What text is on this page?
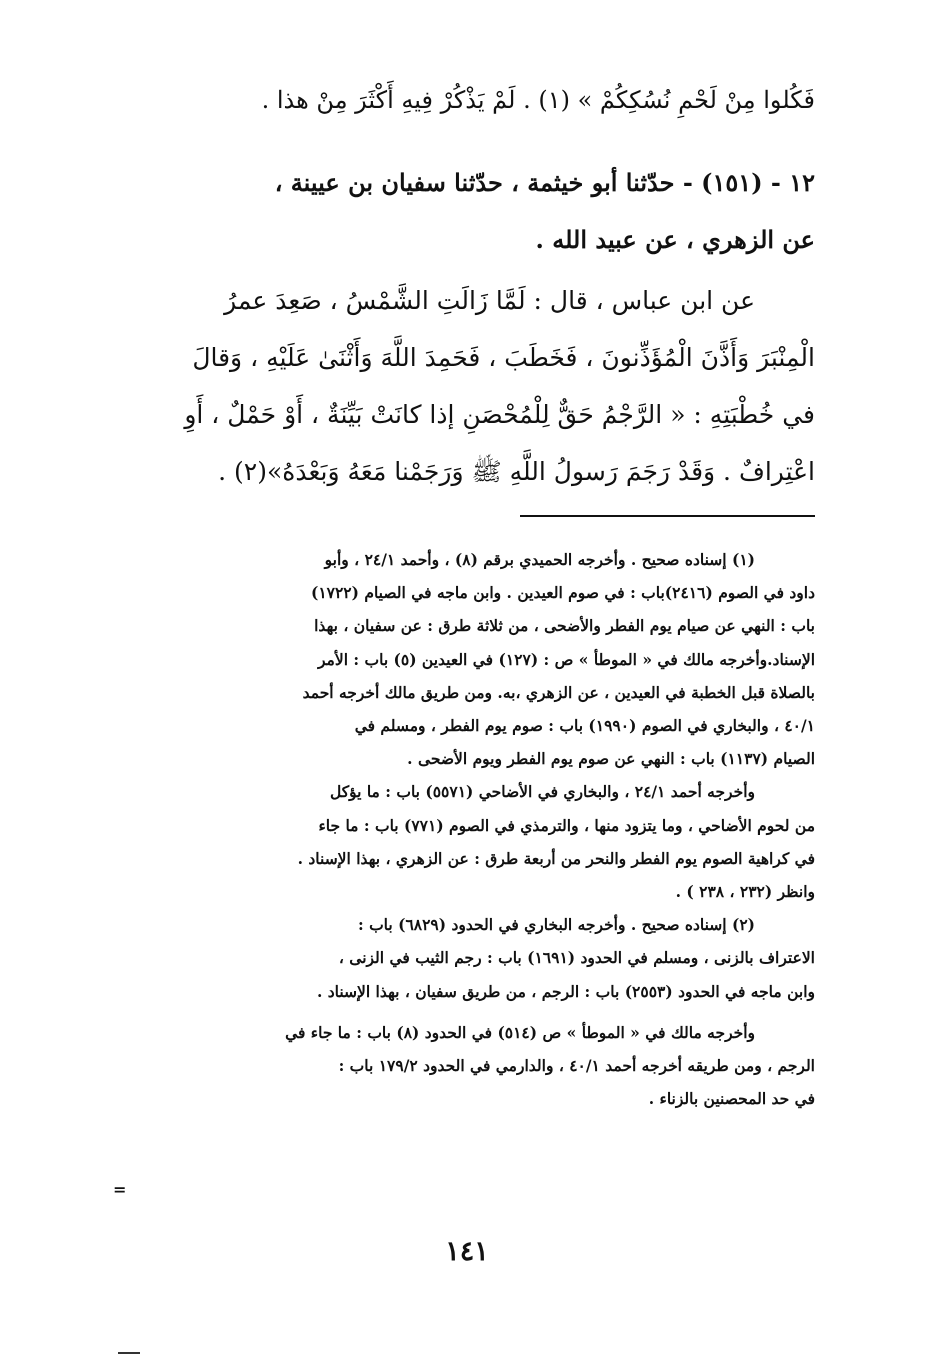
فَكُلوا مِنْ لَحْمِ نُسُكِكُمْ » (١) . لَمْ يَذْكُرْ فِيهِ أَكْثَرَ مِنْ هذا .
١٢ - (١٥١) - حدّثنا أبو خيثمة ، حدّثنا سفيان بن عيينة ،
عن الزهري ، عن عبيد الله .
عن ابن عباس ، قال : لَمَّا زَالَتِ الشَّمْسُ ، صَعِدَ عمرُ
الْمِنْبَرَ وَأَذَّنَ الْمُؤَذِّنونَ ، فَخَطَبَ ، فَحَمِدَ اللَّهَ وَأَثْنَىٰ عَلَيْهِ ، وَقالَ
في خُطْبَتِهِ : « الرَّجْمُ حَقٌّ لِلْمُحْصَنِ إذا كانَتْ بَيِّنَةٌ ، أَوْ حَمْلٌ ، أَوِ
اعْتِرافٌ . وَقَدْ رَجَمَ رَسولُ اللَّهِ ﷺ وَرَجَمْنا مَعَهُ وَبَعْدَهُ»(٢) .
(١) إسناده صحيح . وأخرجه الحميدي برقم (٨) ، وأحمد ٢٤/١ ، وأبو
داود في الصوم (٢٤١٦)باب : في صوم العيدين . وابن ماجه في الصيام (١٧٢٢)
باب : النهي عن صيام يوم الفطر والأضحى ، من ثلاثة طرق : عن سفيان ، بهذا
الإسناد.وأخرجه مالك في « الموطأ » ص : (١٢٧) في العيدين (٥) باب : الأمر
بالصلاة قبل الخطبة في العيدين ، عن الزهري ،به. ومن طريق مالك أخرجه أحمد
٤٠/١ ، والبخاري في الصوم (١٩٩٠) باب : صوم يوم الفطر ، ومسلم في
الصيام (١١٣٧) باب : النهي عن صوم يوم الفطر ويوم الأضحى .
وأخرجه أحمد ٢٤/١ ، والبخاري في الأضاحي (٥٥٧١) باب : ما يؤكل
من لحوم الأضاحي ، وما يتزود منها ، والترمذي في الصوم (٧٧١) باب : ما جاء
في كراهية الصوم يوم الفطر والنحر من أربعة طرق : عن الزهري ، بهذا الإسناد .
وانظر (٢٣٢ ، ٢٣٨ ) .
(٢) إسناده صحيح . وأخرجه البخاري في الحدود (٦٨٢٩) باب :
الاعتراف بالزنى ، ومسلم في الحدود (١٦٩١) باب : رجم الثيب في الزنى ،
وابن ماجه في الحدود (٢٥٥٣) باب : الرجم ، من طريق سفيان ، بهذا الإسناد .
وأخرجه مالك في « الموطأ » ص (٥١٤) في الحدود (٨) باب : ما جاء في
الرجم ، ومن طريقه أخرجه أحمد ٤٠/١ ، والدارمي في الحدود ١٧٩/٢ باب :
في حد المحصنين بالزناء .
=
١٤١
